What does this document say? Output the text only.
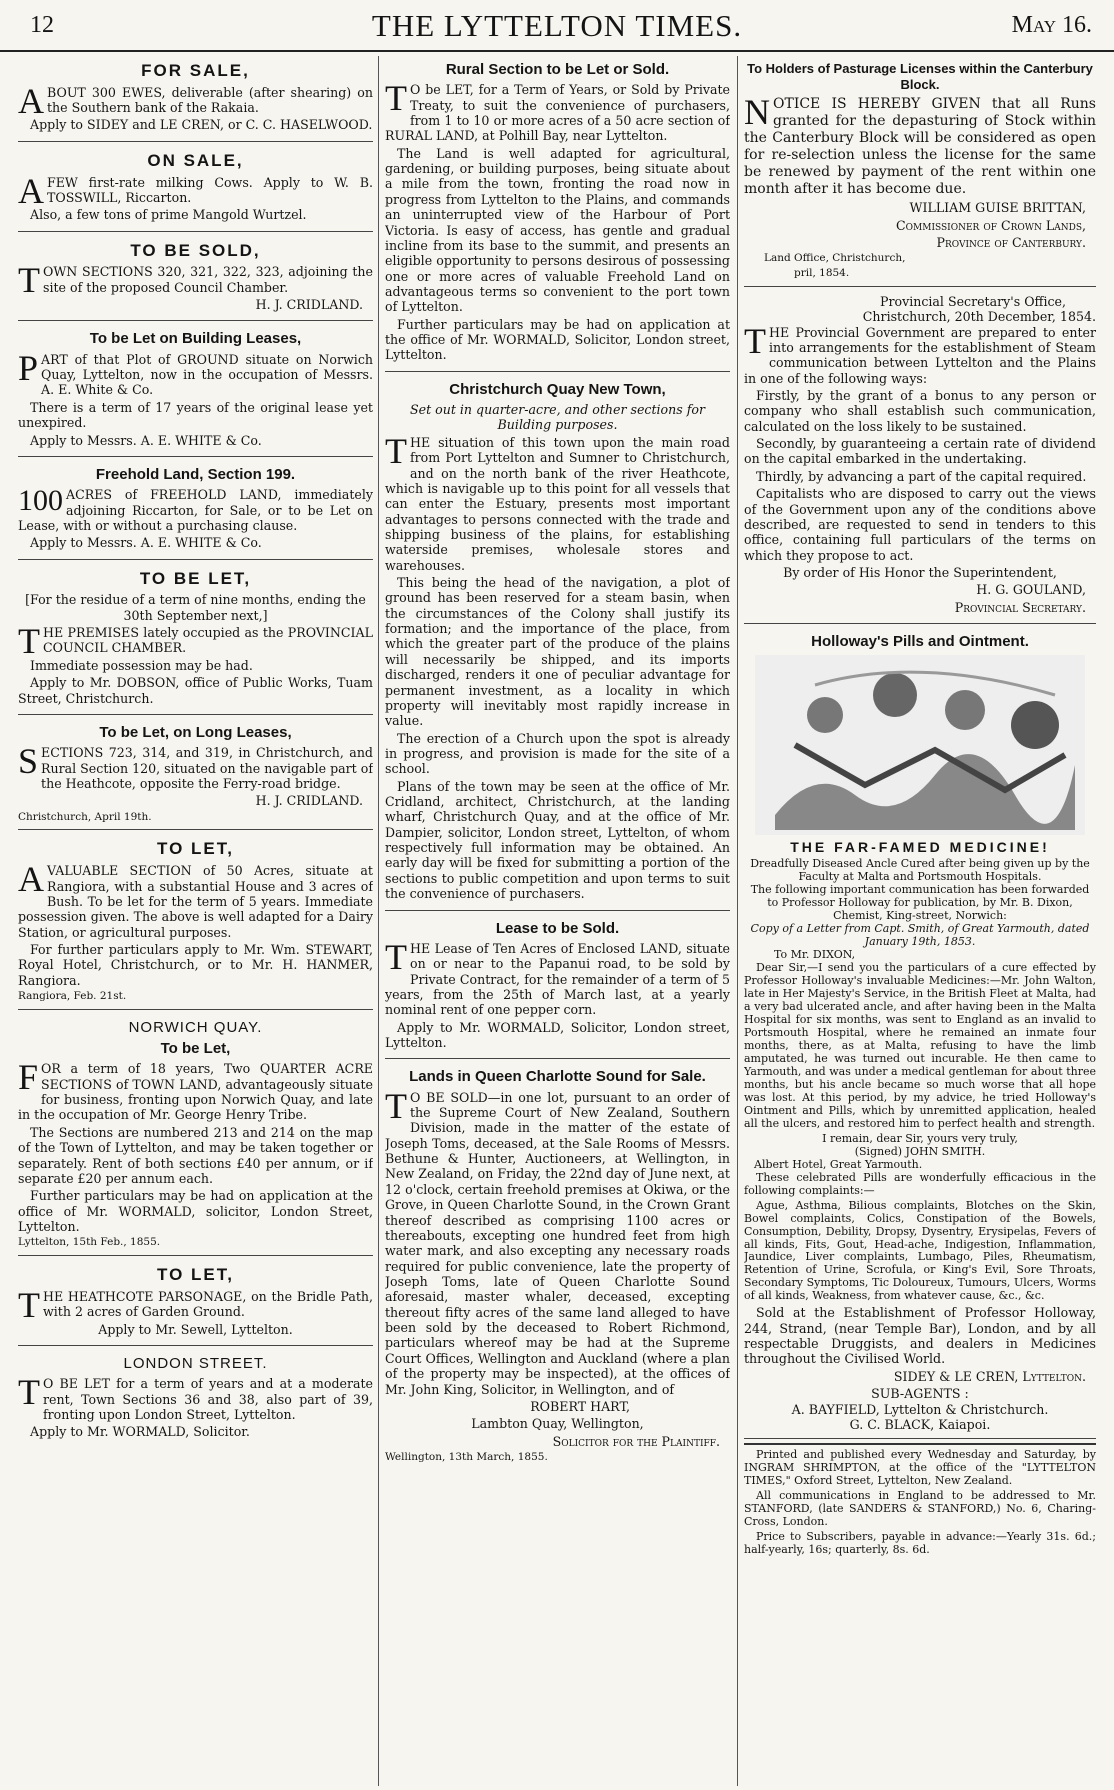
12	THE LYTTELTON TIMES.	May 16.
FOR SALE,

ABOUT 300 EWES, deliverable (after shearing) on the Southern bank of the Rakaia.

Apply to SIDEY and LE CREN, or C. C. HASELWOOD.

ON SALE,

AFEW first-rate milking Cows. Apply to W. B. TOSSWILL, Riccarton.

Also, a few tons of prime Mangold Wurtzel.

TO BE SOLD,

TOWN SECTIONS 320, 321, 322, 323, adjoining the site of the proposed Council Chamber.

H. J. CRIDLAND.
To be Let on Building Leases,

PART of that Plot of GROUND situate on Norwich Quay, Lyttelton, now in the occupation of Messrs. A. E. White & Co.

There is a term of 17 years of the original lease yet unexpired.

Apply to Messrs. A. E. WHITE & Co.

Freehold Land, Section 199.

100 ACRES of FREEHOLD LAND, immediately adjoining Riccarton, for Sale, or to be Let on Lease, with or without a purchasing clause.

Apply to Messrs. A. E. WHITE & Co.

TO BE LET,
[For the residue of a term of nine months, ending the 30th September next,]

THE PREMISES lately occupied as the PROVINCIAL COUNCIL CHAMBER.

Immediate possession may be had.

Apply to Mr. DOBSON, office of Public Works, Tuam Street, Christchurch.

To be Let, on Long Leases,

SECTIONS 723, 314, and 319, in Christchurch, and Rural Section 120, situated on the navigable part of the Heathcote, opposite the Ferry-road bridge.

H. J. CRIDLAND.
Christchurch, April 19th.
TO LET,

AVALUABLE SECTION of 50 Acres, situate at Rangiora, with a substantial House and 3 acres of Bush. To be let for the term of 5 years. Immediate possession given. The above is well adapted for a Dairy Station, or agricultural purposes.

For further particulars apply to Mr. Wm. STEWART, Royal Hotel, Christchurch, or to Mr. H. HANMER, Rangiora.

Rangiora, Feb. 21st.
NORWICH QUAY.
To be Let,

FOR a term of 18 years, Two QUARTER ACRE SECTIONS of TOWN LAND, advantageously situate for business, fronting upon Norwich Quay, and late in the occupation of Mr. George Henry Tribe.

The Sections are numbered 213 and 214 on the map of the Town of Lyttelton, and may be taken together or separately. Rent of both sections £40 per annum, or if separate £20 per annum each.

Further particulars may be had on application at the office of Mr. WORMALD, solicitor, London Street, Lyttelton.

Lyttelton, 15th Feb., 1855.
TO LET,

THE HEATHCOTE PARSONAGE, on the Bridle Path, with 2 acres of Garden Ground.

Apply to Mr. Sewell, Lyttelton.

LONDON STREET.

T O BE LET for a term of years and at a moderate rent, Town Sections 36 and 38, also part of 39, fronting upon London Street, Lyttelton.

Apply to Mr. WORMALD, Solicitor.

Rural Section to be Let or Sold.

T O be LET, for a Term of Years, or Sold by Private Treaty, to suit the convenience of purchasers, from 1 to 10 or more acres of a 50 acre section of RURAL LAND, at Polhill Bay, near Lyttelton.

The Land is well adapted for agricultural, gardening, or building purposes, being situate about a mile from the town, fronting the road now in progress from Lyttelton to the Plains, and commands an uninterrupted view of the Harbour of Port Victoria. Is easy of access, has gentle and gradual incline from its base to the summit, and presents an eligible opportunity to persons desirous of possessing one or more acres of valuable Freehold Land on advantageous terms so convenient to the port town of Lyttelton.

Further particulars may be had on application at the office of Mr. WORMALD, Solicitor, London street, Lyttelton.

Christchurch Quay New Town,
Set out in quarter-acre, and other sections for Building purposes.

THE situation of this town upon the main road from Port Lyttelton and Sumner to Christchurch, and on the north bank of the river Heathcote, which is navigable up to this point for all vessels that can enter the Estuary, presents most important advantages to persons connected with the trade and shipping business of the plains, for establishing waterside premises, wholesale stores and warehouses.

This being the head of the navigation, a plot of ground has been reserved for a steam basin, when the circumstances of the Colony shall justify its formation; and the importance of the place, from which the greater part of the produce of the plains will necessarily be shipped, and its imports discharged, renders it one of peculiar advantage for permanent investment, as a locality in which property will inevitably most rapidly increase in value.

The erection of a Church upon the spot is already in progress, and provision is made for the site of a school.

Plans of the town may be seen at the office of Mr. Cridland, architect, Christchurch, at the landing wharf, Christchurch Quay, and at the office of Mr. Dampier, solicitor, London street, Lyttelton, of whom respectively full information may be obtained. An early day will be fixed for submitting a portion of the sections to public competition and upon terms to suit the convenience of purchasers.

Lease to be Sold.

THE Lease of Ten Acres of Enclosed LAND, situate on or near to the Papanui road, to be sold by Private Contract, for the remainder of a term of 5 years, from the 25th of March last, at a yearly nominal rent of one pepper corn.

Apply to Mr. WORMALD, Solicitor, London street, Lyttelton.

Lands in Queen Charlotte Sound for Sale.

T O BE SOLD—in one lot, pursuant to an order of the Supreme Court of New Zealand, Southern Division, made in the matter of the estate of Joseph Toms, deceased, at the Sale Rooms of Messrs. Bethune & Hunter, Auctioneers, at Wellington, in New Zealand, on Friday, the 22nd day of June next, at 12 o'clock, certain freehold premises at Okiwa, or the Grove, in Queen Charlotte Sound, in the Crown Grant thereof described as comprising 1100 acres or thereabouts, excepting one hundred feet from high water mark, and also excepting any necessary roads required for public convenience, late the property of Joseph Toms, late of Queen Charlotte Sound aforesaid, master whaler, deceased, excepting thereout fifty acres of the same land alleged to have been sold by the deceased to Robert Richmond, particulars whereof may be had at the Supreme Court Offices, Wellington and Auckland (where a plan of the property may be inspected), at the offices of Mr. John King, Solicitor, in Wellington, and of

ROBERT HART,
Lambton Quay, Wellington,
Solicitor for the Plaintiff.
Wellington, 13th March, 1855.
To Holders of Pasturage Licenses within the Canterbury Block.

NOTICE IS HEREBY GIVEN that all Runs granted for the depasturing of Stock within the Canterbury Block will be considered as open for re-selection unless the license for the same be renewed by payment of the rent within one month after it has become due.

WILLIAM GUISE BRITTAN,
Commissioner of Crown Lands,
Province of Canterbury.
Land Office, Christchurch,
pril, 1854.
Provincial Secretary's Office,
Christchurch, 20th December, 1854.

THE Provincial Government are prepared to enter into arrangements for the establishment of Steam communication between Lyttelton and the Plains in one of the following ways:

Firstly, by the grant of a bonus to any person or company who shall establish such communication, calculated on the loss likely to be sustained.

Secondly, by guaranteeing a certain rate of dividend on the capital embarked in the undertaking.

Thirdly, by advancing a part of the capital required.

Capitalists who are disposed to carry out the views of the Government upon any of the conditions above described, are requested to send in tenders to this office, containing full particulars of the terms on which they propose to act.

By order of His Honor the Superintendent,

H. G. GOULAND,
Provincial Secretary.
Holloway's Pills and Ointment.
THE FAR-FAMED MEDICINE!
Dreadfully Diseased Ancle Cured after being given up by the Faculty at Malta and Portsmouth Hospitals.
The following important communication has been forwarded to Professor Holloway for publication, by Mr. B. Dixon, Chemist, King-street, Norwich:
Copy of a Letter from Capt. Smith, of Great Yarmouth, dated January 19th, 1853.
To Mr. DIXON,

Dear Sir,—I send you the particulars of a cure effected by Professor Holloway's invaluable Medicines:—Mr. John Walton, late in Her Majesty's Service, in the British Fleet at Malta, had a very bad ulcerated ancle, and after having been in the Malta Hospital for six months, was sent to England as an invalid to Portsmouth Hospital, where he remained an inmate four months, there, as at Malta, refusing to have the limb amputated, he was turned out incurable. He then came to Yarmouth, and was under a medical gentleman for about three months, but his ancle became so much worse that all hope was lost. At this period, by my advice, he tried Holloway's Ointment and Pills, which by unremitted application, healed all the ulcers, and restored him to perfect health and strength.

I remain, dear Sir, yours very truly,
(Signed) JOHN SMITH.
Albert Hotel, Great Yarmouth.

These celebrated Pills are wonderfully efficacious in the following complaints:—

Ague, Asthma, Bilious complaints, Blotches on the Skin, Bowel complaints, Colics, Constipation of the Bowels, Consumption, Debility, Dropsy, Dysentry, Erysipelas, Fevers of all kinds, Fits, Gout, Head-ache, Indigestion, Inflammation, Jaundice, Liver complaints, Lumbago, Piles, Rheumatism, Retention of Urine, Scrofula, or King's Evil, Sore Throats, Secondary Symptoms, Tic Doloureux, Tumours, Ulcers, Worms of all kinds, Weakness, from whatever cause, &c., &c.

Sold at the Establishment of Professor Holloway, 244, Strand, (near Temple Bar), London, and by all respectable Druggists, and dealers in Medicines throughout the Civilised World.

SIDEY & LE CREN, Lyttelton.
SUB-AGENTS :
A. BAYFIELD, Lyttelton & Christchurch.
G. C. BLACK, Kaiapoi.

Printed and published every Wednesday and Saturday, by INGRAM SHRIMPTON, at the office of the "LYTTELTON TIMES," Oxford Street, Lyttelton, New Zealand.

All communications in England to be addressed to Mr. STANFORD, (late SANDERS & STANFORD,) No. 6, Charing-Cross, London.

Price to Subscribers, payable in advance:—Yearly 31s. 6d.; half-yearly, 16s; quarterly, 8s. 6d.
